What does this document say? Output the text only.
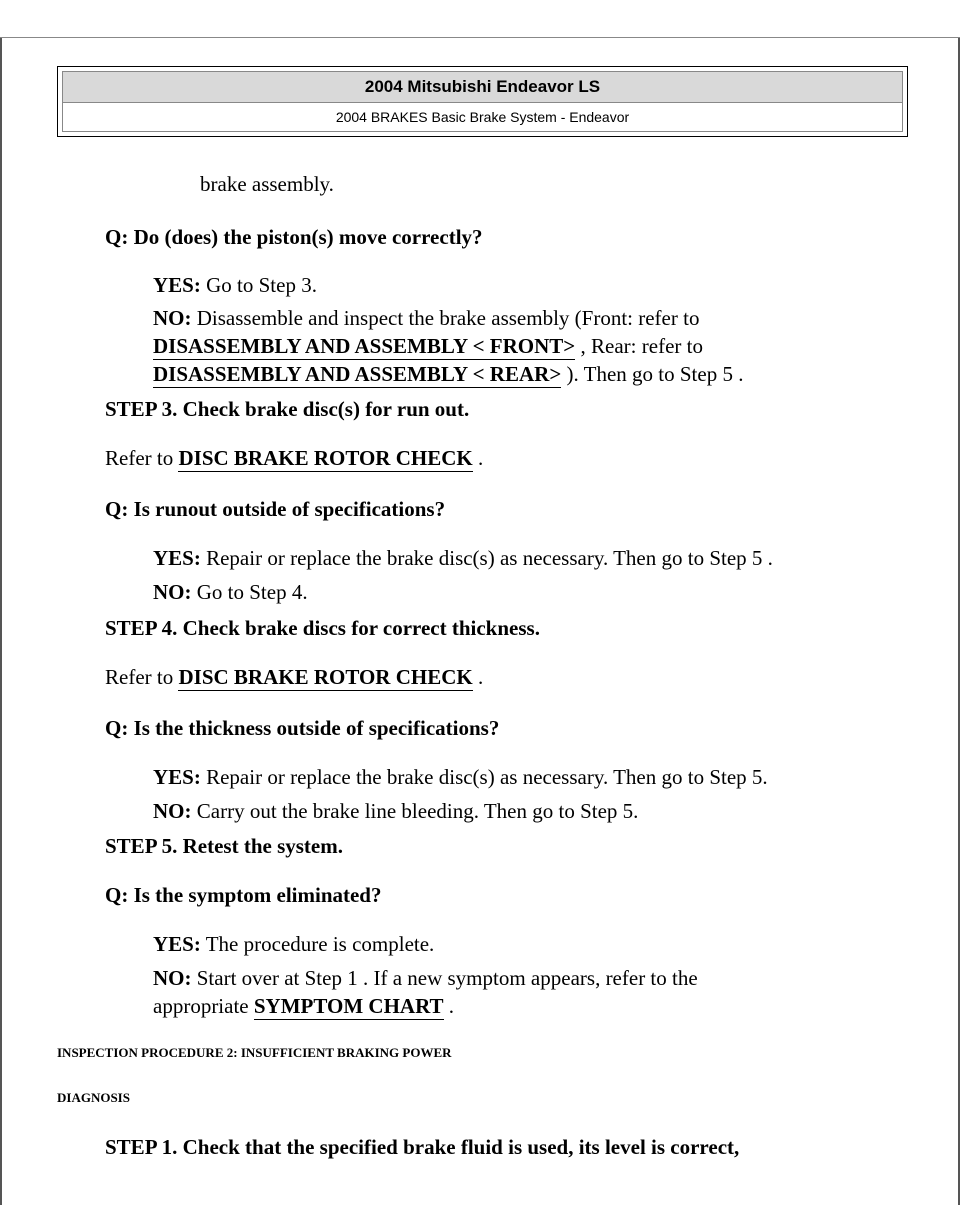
2004 Mitsubishi Endeavor LS
2004 BRAKES Basic Brake System - Endeavor
brake assembly.
Q: Do (does) the piston(s) move correctly?
YES: Go to Step 3.
NO: Disassemble and inspect the brake assembly (Front: refer to
DISASSEMBLY AND ASSEMBLY < FRONT> , Rear: refer to
DISASSEMBLY AND ASSEMBLY < REAR> ). Then go to Step 5 .
STEP 3. Check brake disc(s) for run out.
Refer to DISC BRAKE ROTOR CHECK .
Q: Is runout outside of specifications?
YES: Repair or replace the brake disc(s) as necessary. Then go to Step 5 .
NO: Go to Step 4.
STEP 4. Check brake discs for correct thickness.
Refer to DISC BRAKE ROTOR CHECK .
Q: Is the thickness outside of specifications?
YES: Repair or replace the brake disc(s) as necessary. Then go to Step 5.
NO: Carry out the brake line bleeding. Then go to Step 5.
STEP 5. Retest the system.
Q: Is the symptom eliminated?
YES: The procedure is complete.
NO: Start over at Step 1 . If a new symptom appears, refer to the
appropriate SYMPTOM CHART .
INSPECTION PROCEDURE 2: INSUFFICIENT BRAKING POWER
DIAGNOSIS
STEP 1. Check that the specified brake fluid is used, its level is correct,
